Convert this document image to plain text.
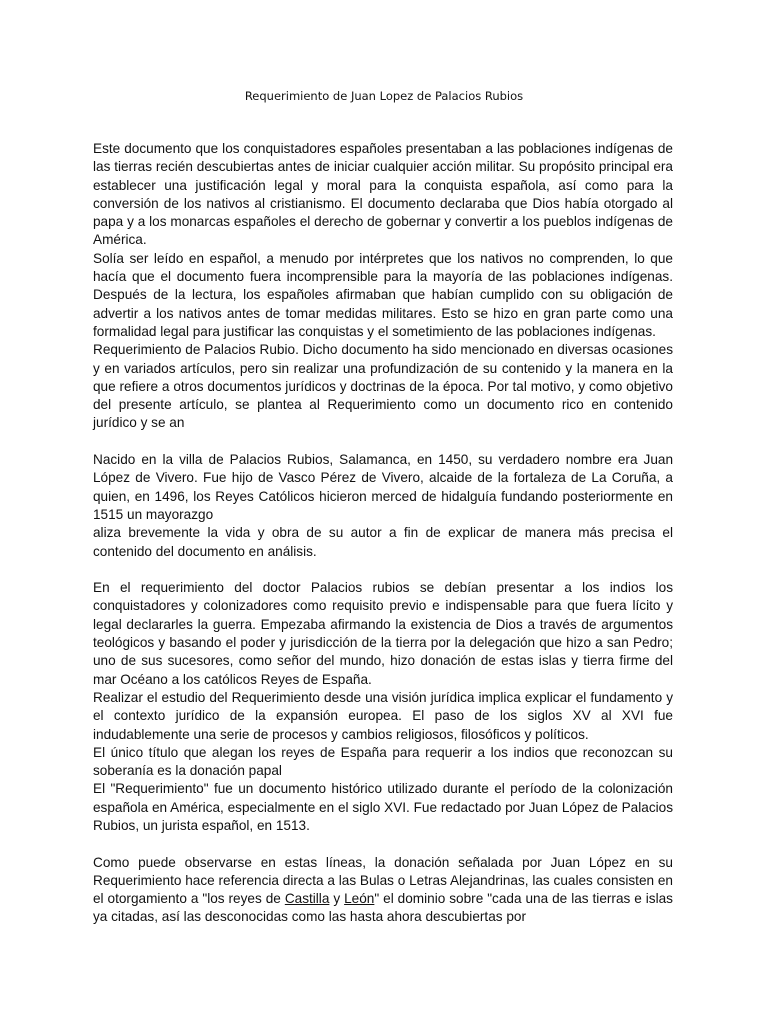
Requerimiento de Juan Lopez de Palacios Rubios

Este documento que los conquistadores españoles presentaban a las poblaciones indígenas de las tierras recién descubiertas antes de iniciar cualquier acción militar. Su propósito principal era establecer una justificación legal y moral para la conquista española, así como para la conversión de los nativos al cristianismo. El documento declaraba que Dios había otorgado al papa y a los monarcas españoles el derecho de gobernar y convertir a los pueblos indígenas de América.

Solía ser leído en español, a menudo por intérpretes que los nativos no comprenden, lo que hacía que el documento fuera incomprensible para la mayoría de las poblaciones indígenas. Después de la lectura, los españoles afirmaban que habían cumplido con su obligación de advertir a los nativos antes de tomar medidas militares. Esto se hizo en gran parte como una formalidad legal para justificar las conquistas y el sometimiento de las poblaciones indígenas.

Requerimiento de Palacios Rubio. Dicho documento ha sido mencionado en diversas ocasiones y en variados artículos, pero sin realizar una profundización de su contenido y la manera en la que refiere a otros documentos jurídicos y doctrinas de la época. Por tal motivo, y como objetivo del presente artículo, se plantea al Requerimiento como un documento rico en contenido jurídico y se an

Nacido en la villa de Palacios Rubios, Salamanca, en 1450, su verdadero nombre era Juan López de Vivero. Fue hijo de Vasco Pérez de Vivero, alcaide de la fortaleza de La Coruña, a quien, en 1496, los Reyes Católicos hicieron merced de hidalguía fundando posteriormente en 1515 un mayorazgo

aliza brevemente la vida y obra de su autor a fin de explicar de manera más precisa el contenido del documento en análisis.

En el requerimiento del doctor Palacios rubios se debían presentar a los indios los conquistadores y colonizadores como requisito previo e indispensable para que fuera lícito y legal declararles la guerra. Empezaba afirmando la existencia de Dios a través de argumentos teológicos y basando el poder y jurisdicción de la tierra por la delegación que hizo a san Pedro; uno de sus sucesores, como señor del mundo, hizo donación de estas islas y tierra firme del mar Océano a los católicos Reyes de España.

Realizar el estudio del Requerimiento desde una visión jurídica implica explicar el fundamento y el contexto jurídico de la expansión europea. El paso de los siglos XV al XVI fue indudablemente una serie de procesos y cambios religiosos, filosóficos y políticos.

El único título que alegan los reyes de España para requerir a los indios que reconozcan su soberanía es la donación papal

El "Requerimiento" fue un documento histórico utilizado durante el período de la colonización española en América, especialmente en el siglo XVI. Fue redactado por Juan López de Palacios Rubios, un jurista español, en 1513.

Como puede observarse en estas líneas, la donación señalada por Juan López en su Requerimiento hace referencia directa a las Bulas o Letras Alejandrinas, las cuales consisten en el otorgamiento a "los reyes de Castilla y León" el dominio sobre "cada una de las tierras e islas ya citadas, así las desconocidas como las hasta ahora descubiertas por
